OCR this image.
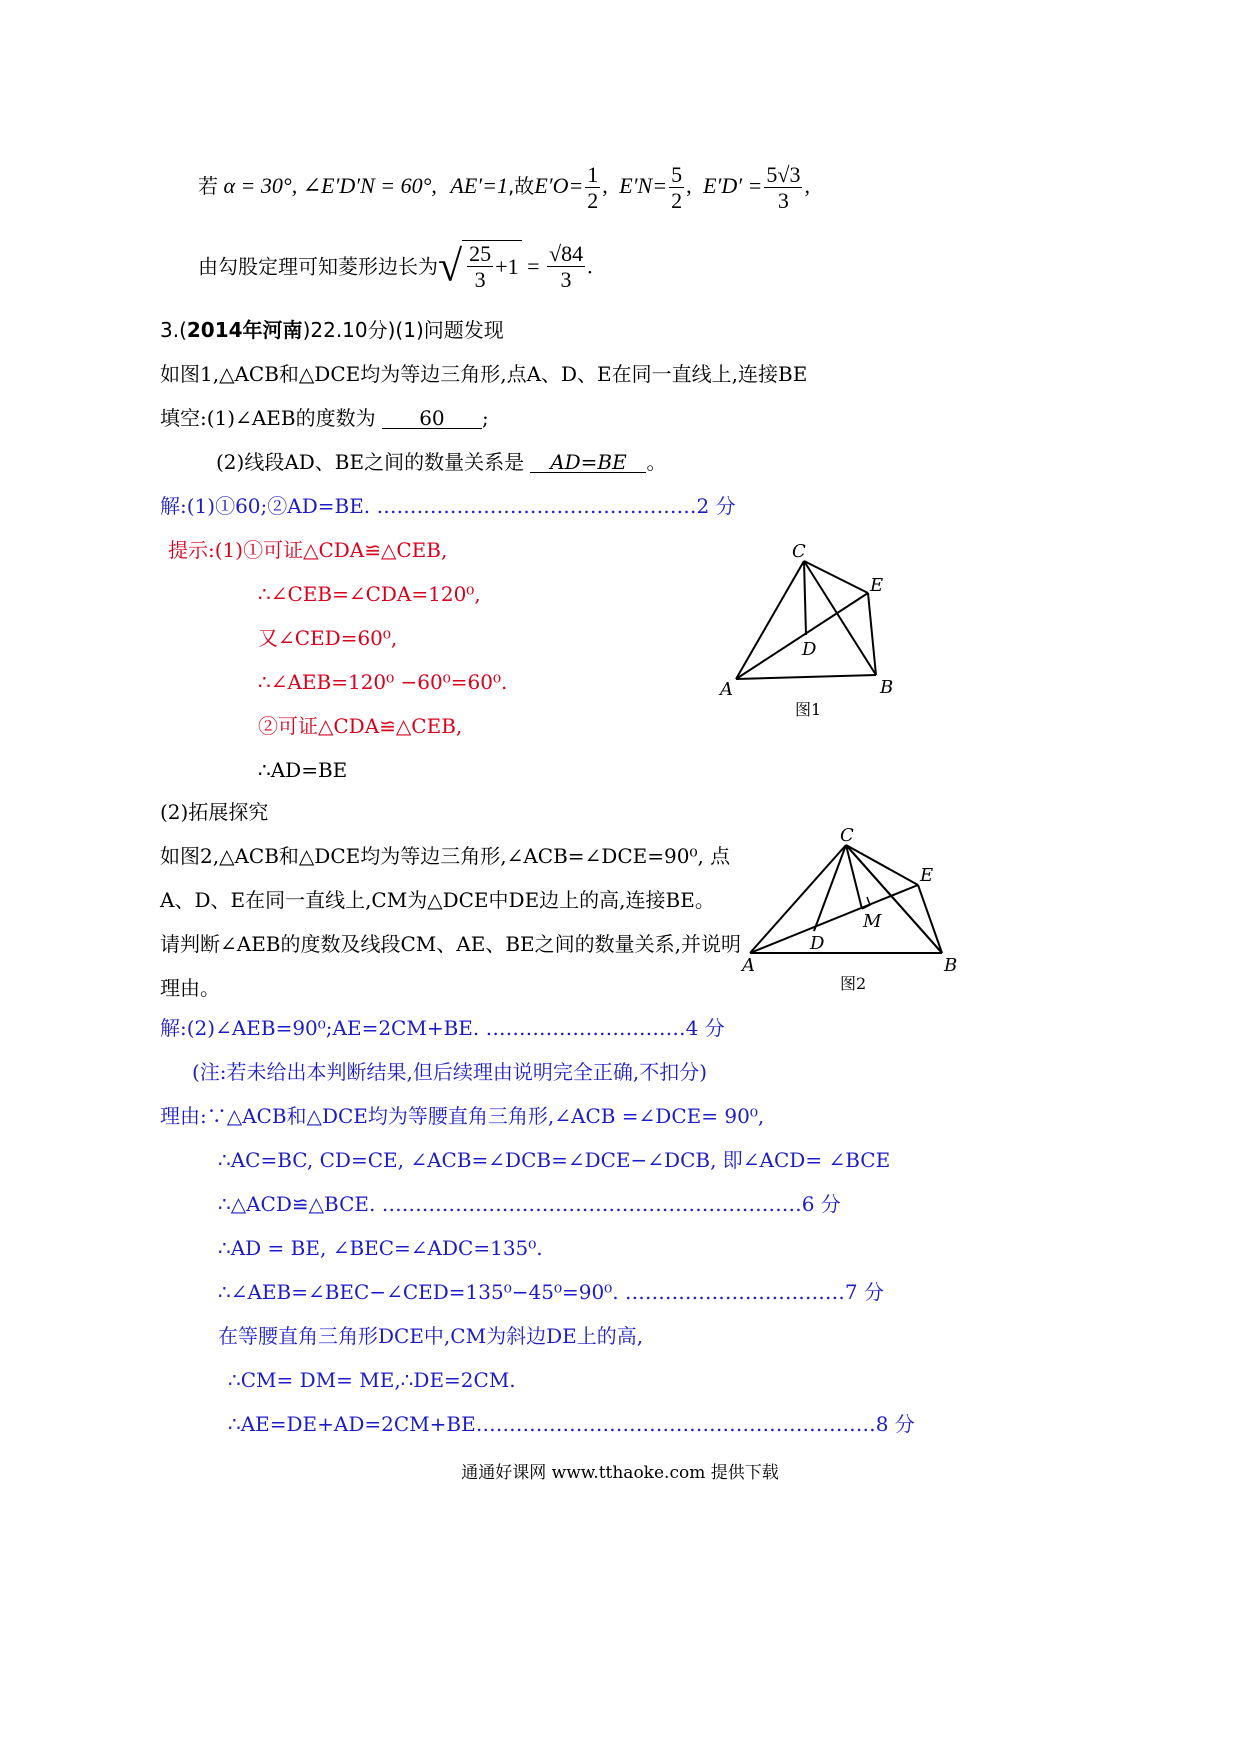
若 α = 30°, ∠E′D′N = 60°, AE′=1,故$E'O= \frac{1}{2}$ , $E'N= \frac{5}{2}$ , $E'D' = \frac{5√3}{3}$ ,
由勾股定理可知菱形边长为√ $\frac{25}{3} +1 = \frac{√84}{3}$ .
3.(2014年河南)22.10分)(1)问题发现
如图1,△ACB和△DCE均为等边三角形,点A、D、E在同一直线上,连接BE
填空:(1)∠AEB的度数为 60 ;
(2)线段AD、BE之间的数量关系是 AD=BE 。
解:(1)①60;②AD=BE. …………………………………………2 分
提示:(1)①可证△CDA≌△CEB,
∴∠CEB=∠CDA=120⁰,
又∠CED=60⁰,
∴∠AEB=120⁰ −60⁰=60⁰.
②可证△CDA≌△CEB,
∴AD=BE
C
E
D
A	B
图1
(2)拓展探究
如图2,△ACB和△DCE均为等边三角形,∠ACB=∠DCE=90⁰, 点
A、D、E在同一直线上,CM为△DCE中DE边上的高,连接BE。
请判断∠AEB的度数及线段CM、AE、BE之间的数量关系,并说明
理由。
C
E
M
D
A	B
图2
解:(2)∠AEB=90⁰;AE=2CM+BE. …………………………4 分
(注:若未给出本判断结果,但后续理由说明完全正确,不扣分)
理由:∵△ACB和△DCE均为等腰直角三角形,∠ACB =∠DCE= 90⁰,
∴AC=BC, CD=CE, ∠ACB=∠DCB=∠DCE−∠DCB, 即∠ACD= ∠BCE
∴△ACD≌△BCE. ………………………………………………………6 分
∴AD = BE, ∠BEC=∠ADC=135⁰.
∴∠AEB=∠BEC−∠CED=135⁰−45⁰=90⁰. ……………………………7 分
在等腰直角三角形DCE中,CM为斜边DE上的高,
∴CM= DM= ME,∴DE=2CM.
∴AE=DE+AD=2CM+BE……………………………………………………8 分
通通好课网 www.tthaoke.com 提供下载
